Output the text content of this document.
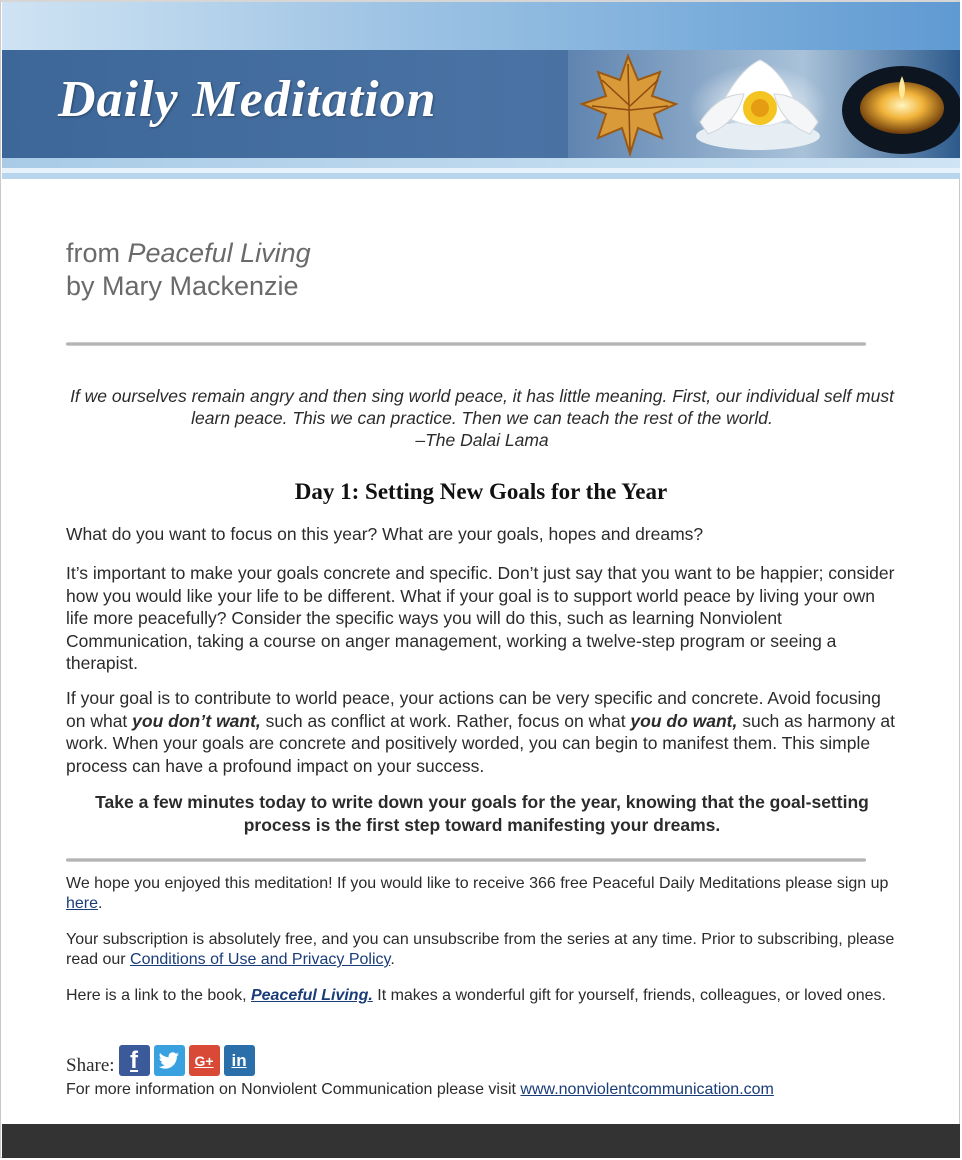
Daily Meditation
from Peaceful Living
by Mary Mackenzie
If we ourselves remain angry and then sing world peace, it has little meaning. First, our individual self must learn peace. This we can practice. Then we can teach the rest of the world.
–The Dalai Lama
Day 1: Setting New Goals for the Year

What do you want to focus on this year? What are your goals, hopes and dreams?

It’s important to make your goals concrete and specific. Don’t just say that you want to be happier; consider how you would like your life to be different. What if your goal is to support world peace by living your own life more peacefully? Consider the specific ways you will do this, such as learning Nonviolent Communication, taking a course on anger management, working a twelve-step program or seeing a therapist.

If your goal is to contribute to world peace, your actions can be very specific and concrete. Avoid focusing on what you don’t want, such as conflict at work. Rather, focus on what you do want, such as harmony at work. When your goals are concrete and positively worded, you can begin to manifest them. This simple process can have a profound impact on your success.

Take a few minutes today to write down your goals for the year, knowing that the goal-setting process is the first step toward manifesting your dreams.

We hope you enjoyed this meditation! If you would like to receive 366 free Peaceful Daily Meditations please sign up here.

Your subscription is absolutely free, and you can unsubscribe from the series at any time. Prior to subscribing, please read our Conditions of Use and Privacy Policy.

Here is a link to the book, Peaceful Living. It makes a wonderful gift for yourself, friends, colleagues, or loved ones.

Share: f	G+	in

For more information on Nonviolent Communication please visit www.nonviolentcommunication.com
